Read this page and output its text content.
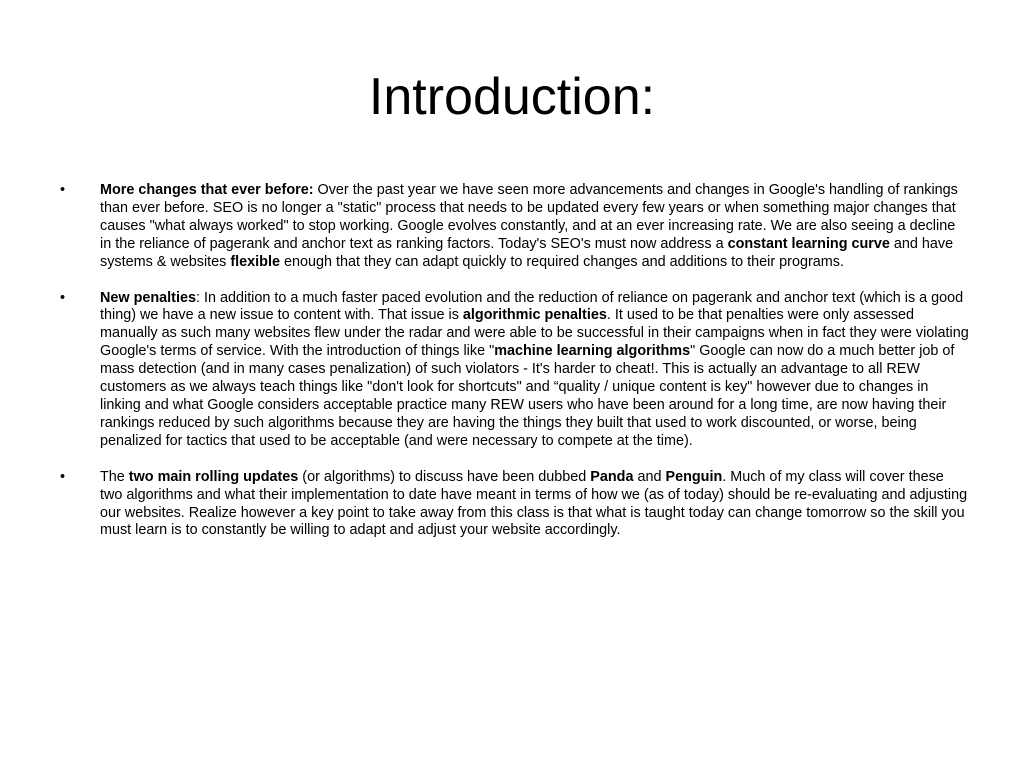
Introduction:
•	More changes that ever before: Over the past year we have seen more advancements and changes in Google's handling of rankings than ever before. SEO is no longer a "static" process that needs to be updated every few years or when something major changes that causes "what always worked" to stop working. Google evolves constantly, and at an ever increasing rate. We are also seeing a decline in the reliance of pagerank and anchor text as ranking factors. Today's SEO's must now address a constant learning curve and have systems & websites flexible enough that they can adapt quickly to required changes and additions to their programs.
•	New penalties: In addition to a much faster paced evolution and the reduction of reliance on pagerank and anchor text (which is a good thing) we have a new issue to content with. That issue is algorithmic penalties. It used to be that penalties were only assessed manually as such many websites flew under the radar and were able to be successful in their campaigns when in fact they were violating Google's terms of service. With the introduction of things like "machine learning algorithms" Google can now do a much better job of mass detection (and in many cases penalization) of such violators - It's harder to cheat!. This is actually an advantage to all REW customers as we always teach things like "don't look for shortcuts" and “quality / unique content is key" however due to changes in linking and what Google considers acceptable practice many REW users who have been around for a long time, are now having their rankings reduced by such algorithms because they are having the things they built that used to work discounted, or worse, being penalized for tactics that used to be acceptable (and were necessary to compete at the time).
•	The two main rolling updates (or algorithms) to discuss have been dubbed Panda and Penguin. Much of my class will cover these two algorithms and what their implementation to date have meant in terms of how we (as of today) should be re-evaluating and adjusting our websites. Realize however a key point to take away from this class is that what is taught today can change tomorrow so the skill you must learn is to constantly be willing to adapt and adjust your website accordingly.
